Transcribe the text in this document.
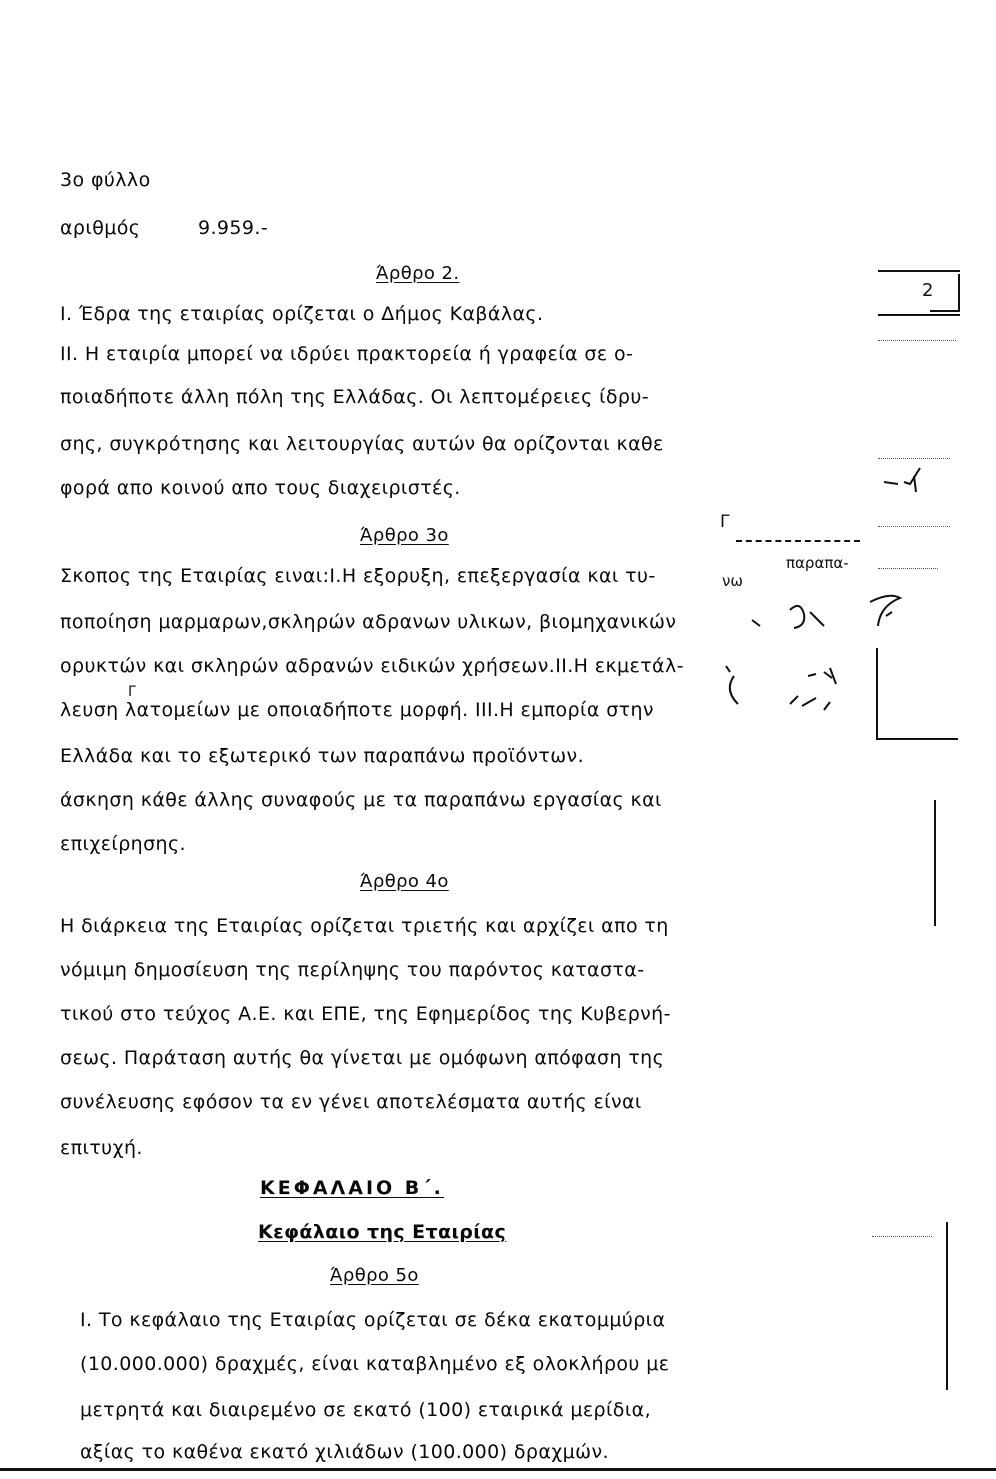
3ο φύλλο
αριθμός	9.959.-
Άρθρο 2.
Ι. Έδρα της εταιρίας ορίζεται ο Δήμος Καβάλας.
ΙΙ. Η εταιρία μπορεί να ιδρύει πρακτορεία ή γραφεία σε ο-
ποιαδήποτε άλλη πόλη της Ελλάδας. Οι λεπτομέρειες ίδρυ-
σης, συγκρότησης και λειτουργίας αυτών θα ορίζονται καθε
φορά απο κοινού απο τους διαχειριστές.
Άρθρο 3ο
Σκοπος της Εταιρίας ειναι:Ι.Η εξορυξη, επεξεργασία και τυ-
ποποίηση μαρμαρων,σκληρών αδρανων υλικων, βιομηχανικών
ορυκτών και σκληρών αδρανών ειδικών χρήσεων.ΙΙ.Η εκμετάλ-
λευση λατομείων με οποιαδήποτε μορφή. ΙΙΙ.Η εμπορία στην
Γ
Ελλάδα και το εξωτερικό των παραπάνω προϊόντων.
άσκηση κάθε άλλης συναφούς με τα παραπάνω εργασίας και
επιχείρησης.
Άρθρο 4ο
Η διάρκεια της Εταιρίας ορίζεται τριετής και αρχίζει απο τη
νόμιμη δημοσίευση της περίληψης του παρόντος καταστα-
τικού στο τεύχος Α.Ε. και ΕΠΕ, της Εφημερίδος της Κυβερνή-
σεως. Παράταση αυτής θα γίνεται με ομόφωνη απόφαση της
συνέλευσης εφόσον τα εν γένει αποτελέσματα αυτής είναι
επιτυχή.
ΚΕΦΑΛΑΙΟ Β΄.
Κεφάλαιο της Εταιρίας
Άρθρο 5ο
Ι. Το κεφάλαιο της Εταιρίας ορίζεται σε δέκα εκατομμύρια
(10.000.000) δραχμές, είναι καταβλημένο εξ ολοκλήρου με
μετρητά και διαιρεμένο σε εκατό (100) εταιρικά μερίδια,
αξίας το καθένα εκατό χιλιάδων (100.000) δραχμών.
2
Γ
παραπα-
νω
